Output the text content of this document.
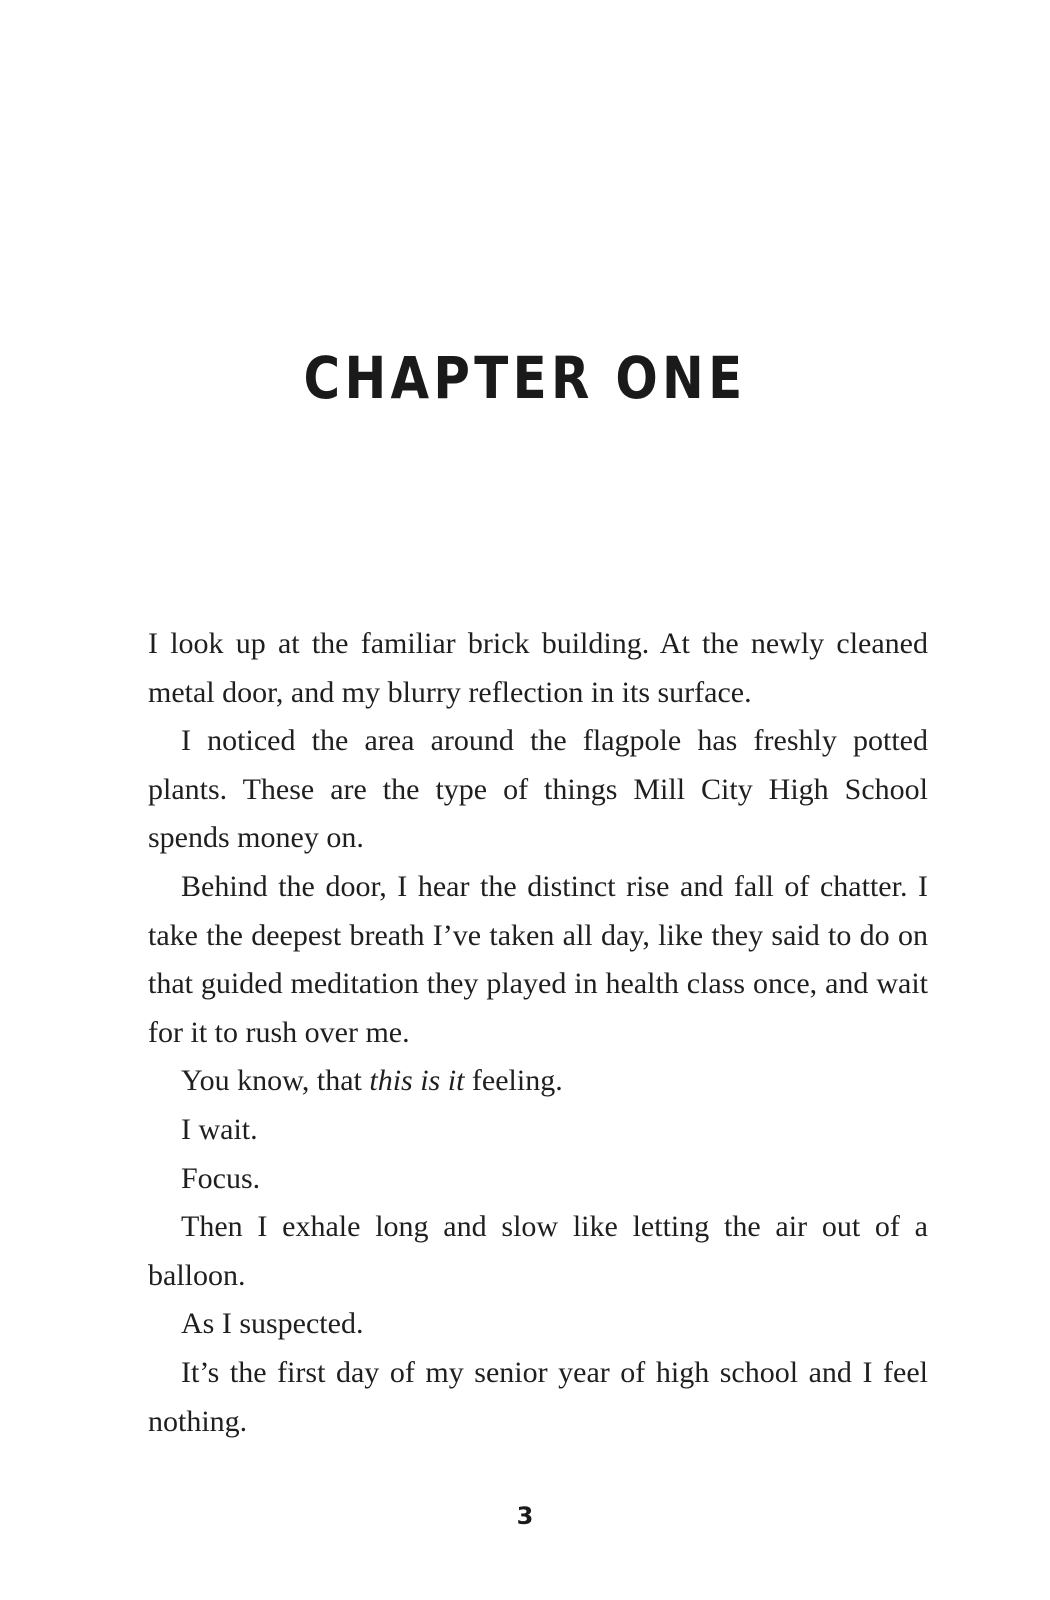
CHAPTER ONE

I look up at the familiar brick building. At the newly cleaned metal door, and my blurry reflection in its surface.

I noticed the area around the flagpole has freshly potted plants. These are the type of things Mill City High School spends money on.

Behind the door, I hear the distinct rise and fall of chatter. I take the deepest breath I’ve taken all day, like they said to do on that guided meditation they played in health class once, and wait for it to rush over me.

You know, that this is it feeling.

I wait.

Focus.

Then I exhale long and slow like letting the air out of a balloon.

As I suspected.

It’s the first day of my senior year of high school and I feel nothing.

3
